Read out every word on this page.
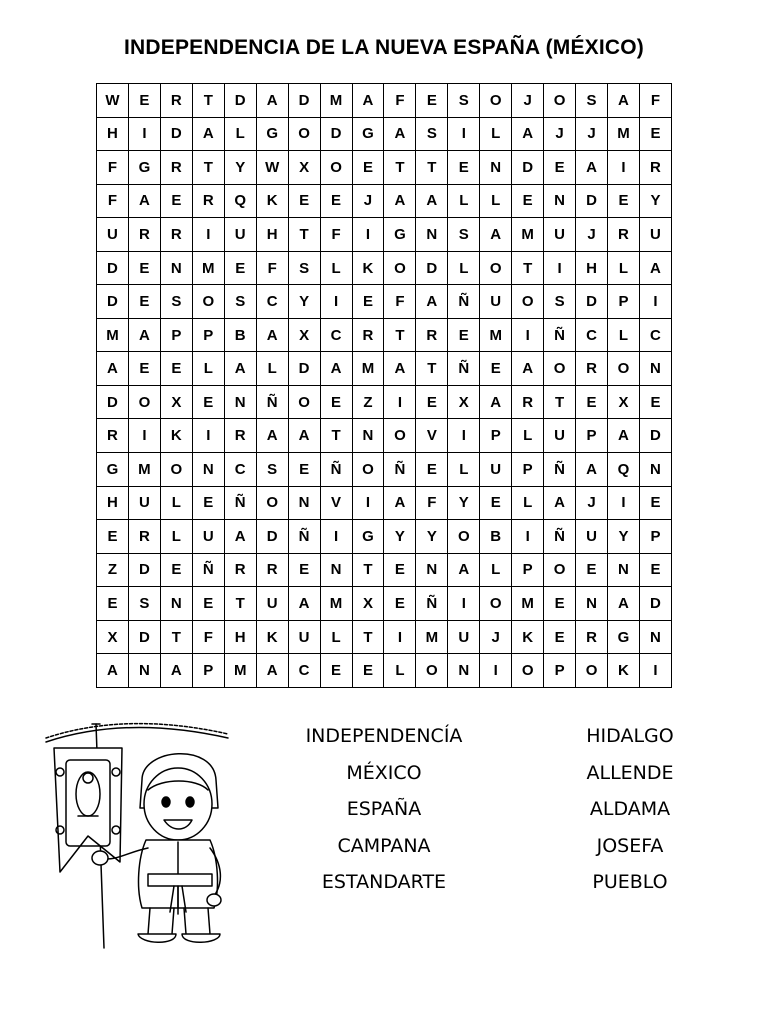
INDEPENDENCIA DE LA NUEVA ESPAÑA (MÉXICO)
W	E	R	T	D	A	D	M	A	F	E	S	O	J	O	S	A	F
H	I	D	A	L	G	O	D	G	A	S	I	L	A	J	J	M	E
F	G	R	T	Y	W	X	O	E	T	T	E	N	D	E	A	I	R
F	A	E	R	Q	K	E	E	J	A	A	L	L	E	N	D	E	Y
U	R	R	I	U	H	T	F	I	G	N	S	A	M	U	J	R	U
D	E	N	M	E	F	S	L	K	O	D	L	O	T	I	H	L	A
D	E	S	O	S	C	Y	I	E	F	A	Ñ	U	O	S	D	P	I
M	A	P	P	B	A	X	C	R	T	R	E	M	I	Ñ	C	L	C
A	E	E	L	A	L	D	A	M	A	T	Ñ	E	A	O	R	O	N
D	O	X	E	N	Ñ	O	E	Z	I	E	X	A	R	T	E	X	E
R	I	K	I	R	A	A	T	N	O	V	I	P	L	U	P	A	D
G	M	O	N	C	S	E	Ñ	O	Ñ	E	L	U	P	Ñ	A	Q	N
H	U	L	E	Ñ	O	N	V	I	A	F	Y	E	L	A	J	I	E
E	R	L	U	A	D	Ñ	I	G	Y	Y	O	B	I	Ñ	U	Y	P
Z	D	E	Ñ	R	R	E	N	T	E	N	A	L	P	O	E	N	E
E	S	N	E	T	U	A	M	X	E	Ñ	I	O	M	E	N	A	D
X	D	T	F	H	K	U	L	T	I	M	U	J	K	E	R	G	N
A	N	A	P	M	A	C	E	E	L	O	N	I	O	P	O	K	I
INDEPENDENCÍA
MÉXICO
ESPAÑA
CAMPANA
ESTANDARTE
HIDALGO
ALLENDE
ALDAMA
JOSEFA
PUEBLO
